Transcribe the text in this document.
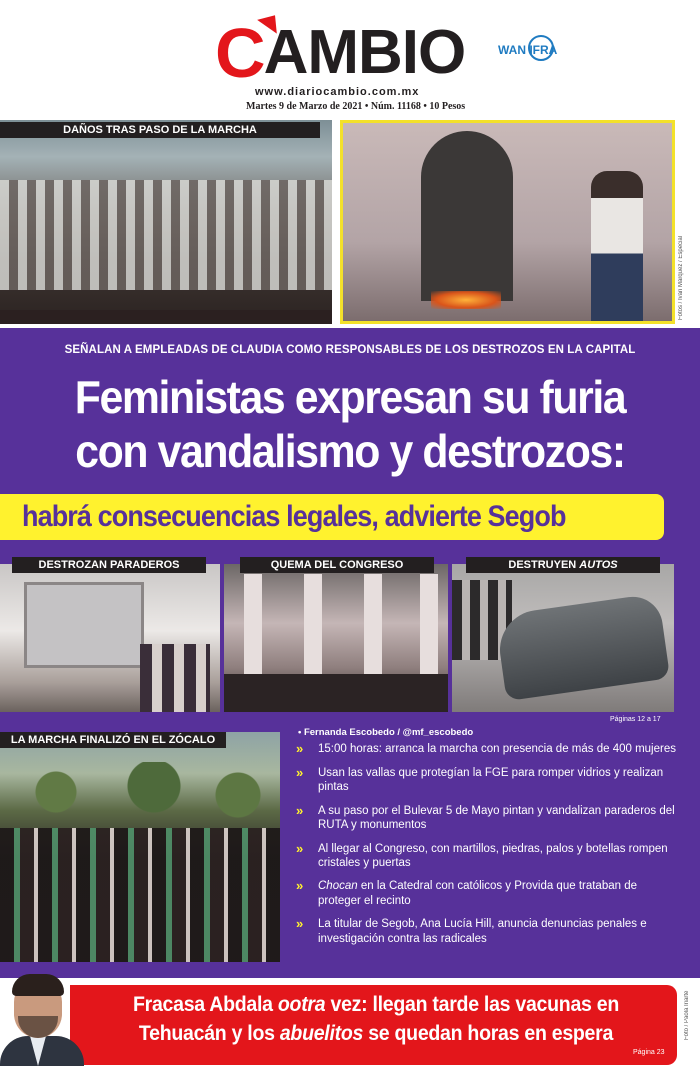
C AMBIO	WAN IFRA
www.diariocambio.com.mx
Martes 9 de Marzo de 2021 • Núm. 11168 • 10 Pesos
DAÑOS TRAS PASO DE LA MARCHA
Fotos / Iván Márquez / Especial
SEÑALAN A EMPLEADAS DE CLAUDIA COMO RESPONSABLES DE LOS DESTROZOS EN LA CAPITAL
Feministas expresan su furia
con vandalismo y destrozos:
habrá consecuencias legales, advierte Segob
DESTROZAN PARADEROS	QUEMA DEL CONGRESO	DESTRUYEN AUTOS
Páginas 12 a 17
LA MARCHA FINALIZÓ EN EL ZÓCALO
• Fernanda Escobedo / @mf_escobedo
» 15:00 horas: arranca la marcha con presencia de más de 400 mujeres
» Usan las vallas que protegían la FGE para romper vidrios y realizan pintas
» A su paso por el Bulevar 5 de Mayo pintan y vandalizan paraderos del RUTA y monumentos
» Al llegar al Congreso, con martillos, piedras, palos y botellas rompen cristales y puertas
» Chocan en la Catedral con católicos y Provida que trataban de proteger el recinto
» La titular de Segob, Ana Lucía Hill, anuncia denuncias penales e investigación contra las radicales
Fracasa Abdala ootra vez: llegan tarde las vacunas en
Tehuacán y los abuelitos se quedan horas en espera
Página 23
Foto / Paola Iriarte
